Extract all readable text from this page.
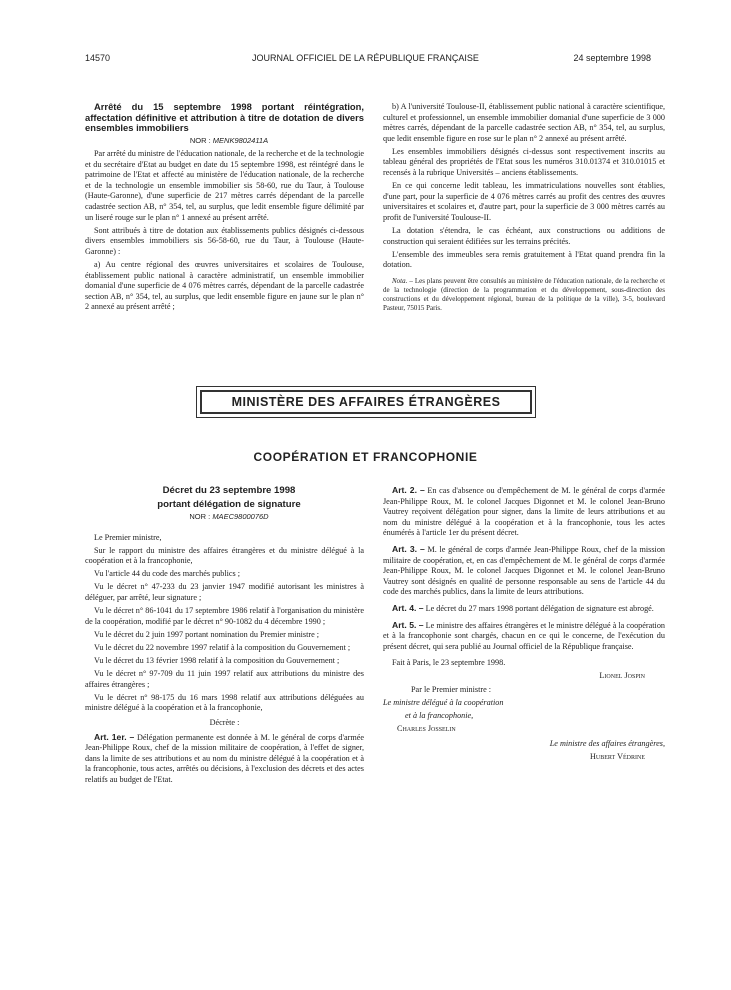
14570	JOURNAL OFFICIEL DE LA RÉPUBLIQUE FRANÇAISE	24 septembre 1998

Arrêté du 15 septembre 1998 portant réintégration, affectation définitive et attribution à titre de dotation de divers ensembles immobiliers

NOR : MENK9802411A

Par arrêté du ministre de l'éducation nationale, de la recherche et de la technologie et du secrétaire d'Etat au budget en date du 15 septembre 1998, est réintégré dans le patrimoine de l'Etat et affecté au ministère de l'éducation nationale, de la recherche et de la technologie un ensemble immobilier sis 58-60, rue du Taur, à Toulouse (Haute-Garonne), d'une superficie de 217 mètres carrés dépendant de la parcelle cadastrée section AB, n° 354, tel, au surplus, que ledit ensemble figure délimité par un liseré rouge sur le plan n° 1 annexé au présent arrêté.

Sont attribués à titre de dotation aux établissements publics désignés ci-dessous divers ensembles immobiliers sis 56-58-60, rue du Taur, à Toulouse (Haute-Garonne) :

a) Au centre régional des œuvres universitaires et scolaires de Toulouse, établissement public national à caractère administratif, un ensemble immobilier domanial d'une superficie de 4 076 mètres carrés, dépendant de la parcelle cadastrée section AB, n° 354, tel, au surplus, que ledit ensemble figure en jaune sur le plan n° 2 annexé au présent arrêté ;

b) A l'université Toulouse-II, établissement public national à caractère scientifique, culturel et professionnel, un ensemble immobilier domanial d'une superficie de 3 000 mètres carrés, dépendant de la parcelle cadastrée section AB, n° 354, tel, au surplus, que ledit ensemble figure en rose sur le plan n° 2 annexé au présent arrêté.

Les ensembles immobiliers désignés ci-dessus sont respectivement inscrits au tableau général des propriétés de l'Etat sous les numéros 310.01374 et 310.01015 et recensés à la rubrique Universités – anciens établissements.

En ce qui concerne ledit tableau, les immatriculations nouvelles sont établies, d'une part, pour la superficie de 4 076 mètres carrés au profit des centres des œuvres universitaires et scolaires et, d'autre part, pour la superficie de 3 000 mètres carrés au profit de l'université Toulouse-II.

La dotation s'étendra, le cas échéant, aux constructions ou additions de construction qui seraient édifiées sur les terrains précités.

L'ensemble des immeubles sera remis gratuitement à l'Etat quand prendra fin la dotation.

Nota. – Les plans peuvent être consultés au ministère de l'éducation nationale, de la recherche et de la technologie (direction de la programmation et du développement, sous-direction des constructions et du développement régional, bureau de la politique de la ville), 3-5, boulevard Pasteur, 75015 Paris.

MINISTÈRE DES AFFAIRES ÉTRANGÈRES
COOPÉRATION ET FRANCOPHONIE

Décret du 23 septembre 1998

portant délégation de signature

NOR : MAEC9800076D

Le Premier ministre,

Sur le rapport du ministre des affaires étrangères et du ministre délégué à la coopération et à la francophonie,

Vu l'article 44 du code des marchés publics ;

Vu le décret n° 47-233 du 23 janvier 1947 modifié autorisant les ministres à déléguer, par arrêté, leur signature ;

Vu le décret n° 86-1041 du 17 septembre 1986 relatif à l'organisation du ministère de la coopération, modifié par le décret n° 90-1082 du 4 décembre 1990 ;

Vu le décret du 2 juin 1997 portant nomination du Premier ministre ;

Vu le décret du 22 novembre 1997 relatif à la composition du Gouvernement ;

Vu le décret du 13 février 1998 relatif à la composition du Gouvernement ;

Vu le décret n° 97-709 du 11 juin 1997 relatif aux attributions du ministre des affaires étrangères ;

Vu le décret n° 98-175 du 16 mars 1998 relatif aux attributions déléguées au ministre délégué à la coopération et à la francophonie,

Décrète :

Art. 1er. – Délégation permanente est donnée à M. le général de corps d'armée Jean-Philippe Roux, chef de la mission militaire de coopération, à l'effet de signer, dans la limite de ses attributions et au nom du ministre délégué à la coopération et à la francophonie, tous actes, arrêtés ou décisions, à l'exclusion des décrets et des actes relatifs au budget de l'Etat.

Art. 2. – En cas d'absence ou d'empêchement de M. le général de corps d'armée Jean-Philippe Roux, M. le colonel Jacques Digonnet et M. le colonel Jean-Bruno Vautrey reçoivent délégation pour signer, dans la limite de leurs attributions et au nom du ministre délégué à la coopération et à la francophonie, tous les actes énumérés à l'article 1er du présent décret.

Art. 3. – M. le général de corps d'armée Jean-Philippe Roux, chef de la mission militaire de coopération, et, en cas d'empêchement de M. le général de corps d'armée Jean-Philippe Roux, M. le colonel Jacques Digonnet et M. le colonel Jean-Bruno Vautrey sont désignés en qualité de personne responsable au sens de l'article 44 du code des marchés publics, dans la limite de leurs attributions.

Art. 4. – Le décret du 27 mars 1998 portant délégation de signature est abrogé.

Art. 5. – Le ministre des affaires étrangères et le ministre délégué à la coopération et à la francophonie sont chargés, chacun en ce qui le concerne, de l'exécution du présent décret, qui sera publié au Journal officiel de la République française.

Fait à Paris, le 23 septembre 1998.

Lionel Jospin

Par le Premier ministre :

Le ministre délégué à la coopération

et à la francophonie,

Charles Josselin

Le ministre des affaires étrangères,

Hubert Védrine
